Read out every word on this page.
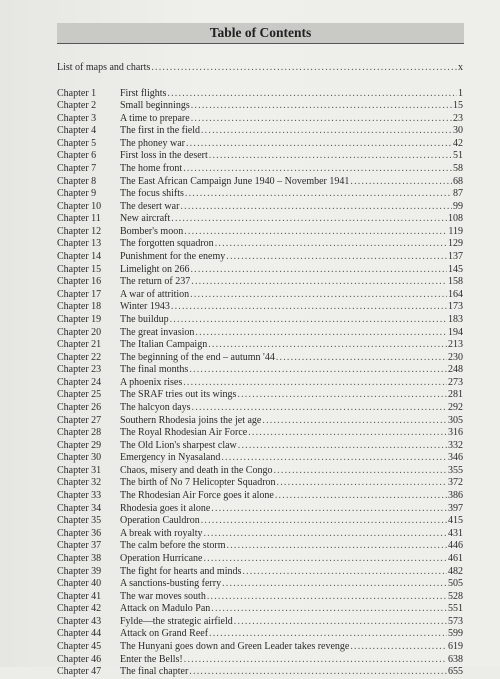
Table of Contents
List of maps and charts .....	x
Chapter 1	First flights .....	1
Chapter 2	Small beginnings .....	15
Chapter 3	A time to prepare .....	23
Chapter 4	The first in the field .....	30
Chapter 5	The phoney war .....	42
Chapter 6	First loss in the desert .....	51
Chapter 7	The home front .....	58
Chapter 8	The East African Campaign June 1940 – November 1941 .....	68
Chapter 9	The focus shifts .....	87
Chapter 10	The desert war .....	99
Chapter 11	New aircraft .....	108
Chapter 12	Bomber's moon .....	119
Chapter 13	The forgotten squadron .....	129
Chapter 14	Punishment for the enemy .....	137
Chapter 15	Limelight on 266 .....	145
Chapter 16	The return of 237 .....	158
Chapter 17	A war of attrition .....	164
Chapter 18	Winter 1943 .....	173
Chapter 19	The buildup .....	183
Chapter 20	The great invasion .....	194
Chapter 21	The Italian Campaign .....	213
Chapter 22	The beginning of the end – autumn '44 .....	230
Chapter 23	The final months .....	248
Chapter 24	A phoenix rises .....	273
Chapter 25	The SRAF tries out its wings .....	281
Chapter 26	The halcyon days .....	292
Chapter 27	Southern Rhodesia joins the jet age .....	305
Chapter 28	The Royal Rhodesian Air Force .....	316
Chapter 29	The Old Lion's sharpest claw .....	332
Chapter 30	Emergency in Nyasaland .....	346
Chapter 31	Chaos, misery and death in the Congo .....	355
Chapter 32	The birth of No 7 Helicopter Squadron .....	372
Chapter 33	The Rhodesian Air Force goes it alone .....	386
Chapter 34	Rhodesia goes it alone .....	397
Chapter 35	Operation Cauldron .....	415
Chapter 36	A break with royalty .....	431
Chapter 37	The calm before the storm .....	446
Chapter 38	Operation Hurricane .....	461
Chapter 39	The fight for hearts and minds .....	482
Chapter 40	A sanctions-busting ferry .....	505
Chapter 41	The war moves south .....	528
Chapter 42	Attack on Madulo Pan .....	551
Chapter 43	Fylde—the strategic airfield .....	573
Chapter 44	Attack on Grand Reef .....	599
Chapter 45	The Hunyani goes down and Green Leader takes revenge .....	619
Chapter 46	Enter the Bells! .....	638
Chapter 47	The final chapter .....	655
